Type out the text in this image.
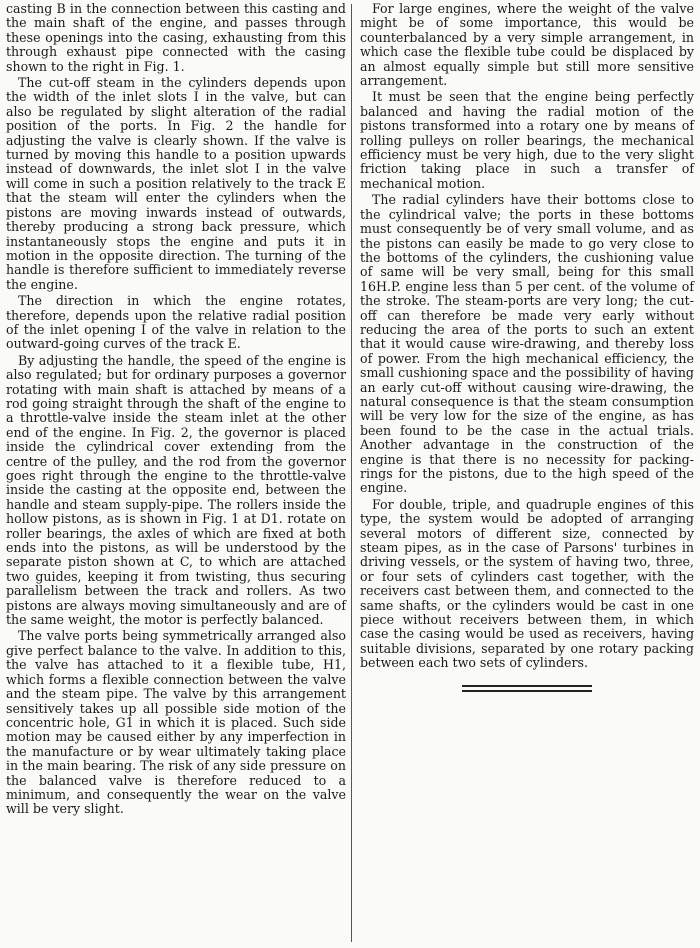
casting B in the connection between this casting and the main shaft of the engine, and passes through these openings into the casing, exhausting from this through exhaust pipe connected with the casing shown to the right in Fig. 1.

The cut-off steam in the cylinders depends upon the width of the inlet slots I in the valve, but can also be regulated by slight alteration of the radial position of the ports. In Fig. 2 the handle for adjusting the valve is clearly shown. If the valve is turned by moving this handle to a position upwards instead of downwards, the inlet slot I in the valve will come in such a position relatively to the track E that the steam will enter the cylinders when the pistons are moving inwards instead of outwards, thereby producing a strong back pressure, which instantaneously stops the engine and puts it in motion in the opposite direction. The turning of the handle is therefore sufficient to immediately reverse the engine.

The direction in which the engine rotates, therefore, depends upon the relative radial position of the inlet opening I of the valve in relation to the outward-going curves of the track E.

By adjusting the handle, the speed of the engine is also regulated; but for ordinary purposes a governor rotating with main shaft is attached by means of a rod going straight through the shaft of the engine to a throttle-valve inside the steam inlet at the other end of the engine. In Fig. 2, the governor is placed inside the cylindrical cover extending from the centre of the pulley, and the rod from the governor goes right through the engine to the throttle-valve inside the casting at the opposite end, between the handle and steam supply-pipe. The rollers inside the hollow pistons, as is shown in Fig. 1 at D1. rotate on roller bearings, the axles of which are fixed at both ends into the pistons, as will be understood by the separate piston shown at C, to which are attached two guides, keeping it from twisting, thus securing parallelism between the track and rollers. As two pistons are always moving simultaneously and are of the same weight, the motor is perfectly balanced.

The valve ports being symmetrically arranged also give perfect balance to the valve. In addition to this, the valve has attached to it a flexible tube, H1, which forms a flexible connection between the valve and the steam pipe. The valve by this arrangement sensitively takes up all possible side motion of the concentric hole, G1 in which it is placed. Such side motion may be caused either by any imperfection in the manufacture or by wear ultimately taking place in the main bearing. The risk of any side pressure on the balanced valve is therefore reduced to a minimum, and consequently the wear on the valve will be very slight.

For large engines, where the weight of the valve might be of some importance, this would be counterbalanced by a very simple arrangement, in which case the flexible tube could be displaced by an almost equally simple but still more sensitive arrangement.

It must be seen that the engine being perfectly balanced and having the radial motion of the pistons transformed into a rotary one by means of rolling pulleys on roller bearings, the mechanical efficiency must be very high, due to the very slight friction taking place in such a transfer of mechanical motion.

The radial cylinders have their bottoms close to the cylindrical valve; the ports in these bottoms must consequently be of very small volume, and as the pistons can easily be made to go very close to the bottoms of the cylinders, the cushioning value of same will be very small, being for this small 16H.P. engine less than 5 per cent. of the volume of the stroke. The steam-ports are very long; the cut-off can therefore be made very early without reducing the area of the ports to such an extent that it would cause wire-drawing, and thereby loss of power. From the high mechanical efficiency, the small cushioning space and the possibility of having an early cut-off without causing wire-drawing, the natural consequence is that the steam consumption will be very low for the size of the engine, as has been found to be the case in the actual trials. Another advantage in the construction of the engine is that there is no necessity for packing-rings for the pistons, due to the high speed of the engine.

For double, triple, and quadruple engines of this type, the system would be adopted of arranging several motors of different size, connected by steam pipes, as in the case of Parsons' turbines in driving vessels, or the system of having two, three, or four sets of cylinders cast together, with the receivers cast between them, and connected to the same shafts, or the cylinders would be cast in one piece without receivers between them, in which case the casing would be used as receivers, having suitable divisions, separated by one rotary packing between each two sets of cylinders.
